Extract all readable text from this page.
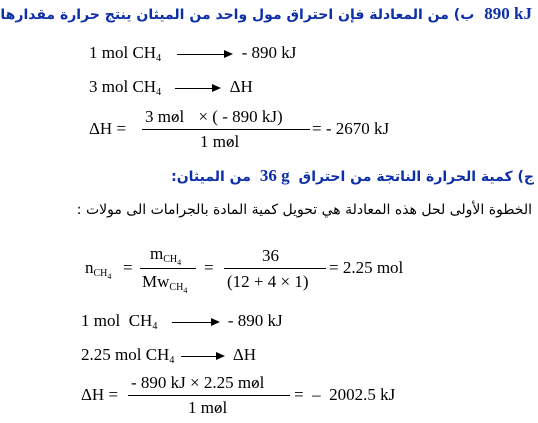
ب) من المعادلة فإن احتراق مول واحد من الميثان ينتج حرارة مقدارها 890 kJ
1 mol $CH_4$	- 890 kJ
3 mol $CH_4$	ΔH
ΔH =
3 mol × ( - 890 kJ)
1 mol
= - 2670 kJ
من الميثان: 36 g ج) كمية الحرارة الناتجة من احتراق
الخطوة الأولى لحل هذه المعادلة هي تحويل كمية المادة بالجرامات الى مولات :
$n_{CH_4}$ =
$m_{CH_4}$
$Mw_{CH_4}$
=
36
(12 + 4 × 1)
= 2.25 mol
1 mol  $CH_4$	- 890 kJ
2.25 mol $CH_4$	ΔH
ΔH =
- 890 kJ × 2.25 mol
1 mol
=  –  2002.5 kJ
